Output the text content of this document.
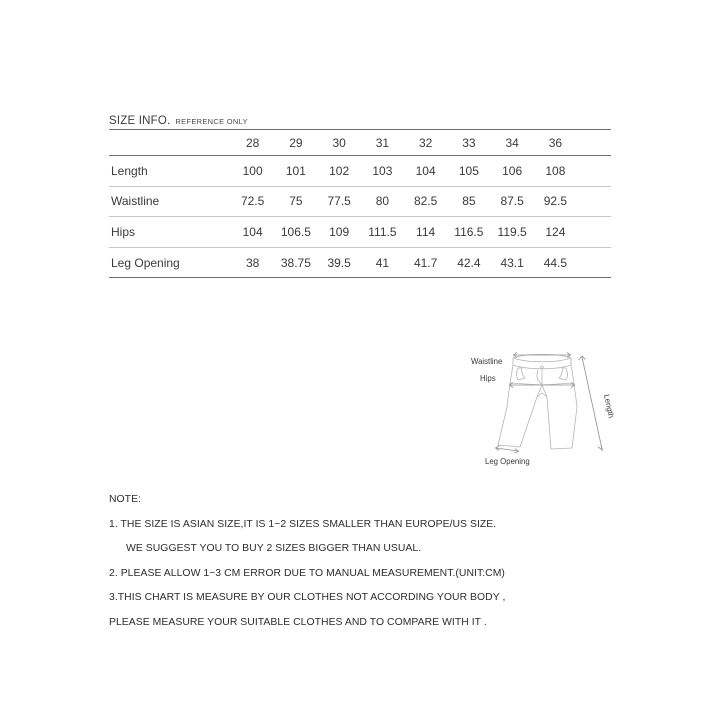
SIZE INFO. REFERENCE ONLY
	28	29	30	31	32	33	34	36	
Length	100	101	102	103	104	105	106	108	
Waistline	72.5	75	77.5	80	82.5	85	87.5	92.5	
Hips	104	106.5	109	111.5	114	116.5	119.5	124	
Leg Opening	38	38.75	39.5	41	41.7	42.4	43.1	44.5	
Waistline
Hips
Length
Leg Opening
NOTE:
1. THE SIZE IS ASIAN SIZE,IT IS 1~2 SIZES SMALLER THAN EUROPE/US SIZE.
WE SUGGEST YOU TO BUY 2 SIZES BIGGER THAN USUAL.
2. PLEASE ALLOW 1~3 CM ERROR DUE TO MANUAL MEASUREMENT.(UNIT:CM)
3.THIS CHART IS MEASURE BY OUR CLOTHES NOT ACCORDING YOUR BODY ,
PLEASE MEASURE YOUR SUITABLE CLOTHES AND TO COMPARE WITH IT .
